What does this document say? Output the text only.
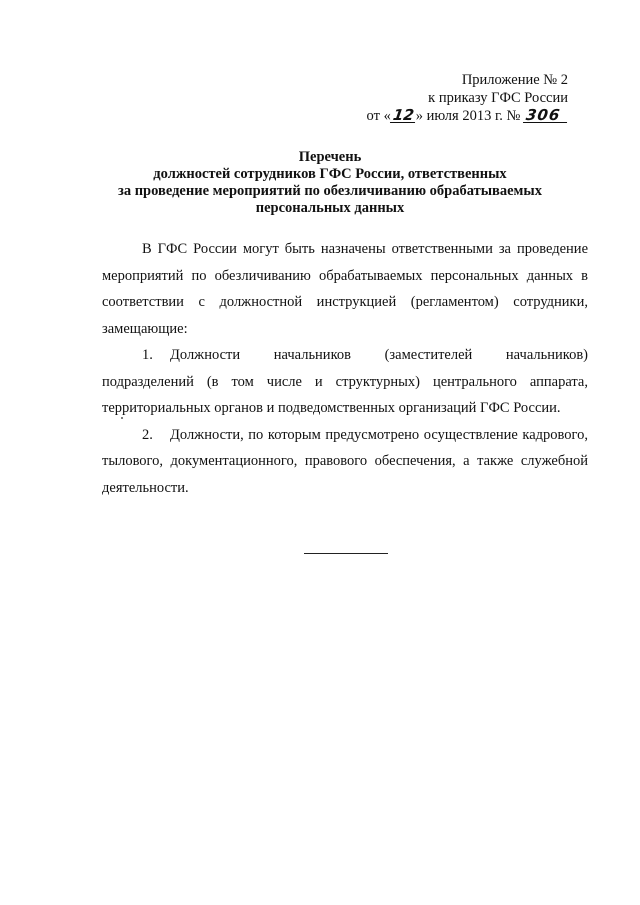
Приложение № 2
к приказу ГФС России
от «12» июля 2013 г. № 306
Перечень
должностей сотрудников ГФС России, ответственных
за проведение мероприятий по обезличиванию обрабатываемых
персональных данных

В ГФС России могут быть назначены ответственными за проведение мероприятий по обезличиванию обрабатываемых персональных данных в соответствии с должностной инструкцией (регламентом) сотрудники, замещающие:

1. Должности начальников (заместителей начальников) подразделений (в том числе и структурных) центрального аппарата, территориальных органов и подведомственных организаций ГФС России.

2. Должности, по которым предусмотрено осуществление кадрового, тылового, документационного, правового обеспечения, а также служебной деятельности.
